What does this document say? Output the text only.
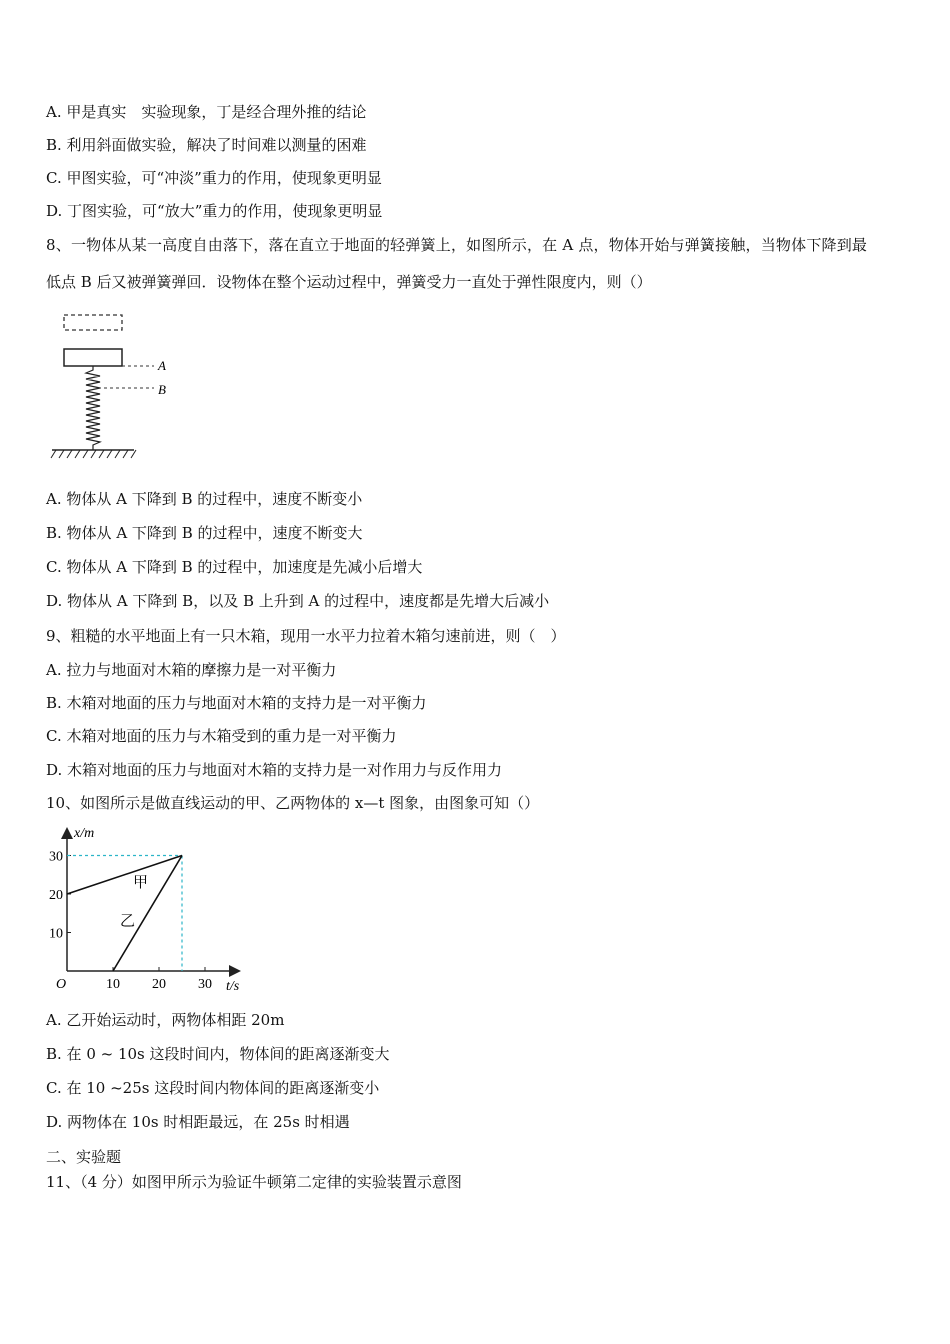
A. 甲是真实　实验现象，丁是经合理外推的结论
B. 利用斜面做实验，解决了时间难以测量的困难
C. 甲图实验，可“冲淡”重力的作用，使现象更明显
D. 丁图实验，可“放大”重力的作用，使现象更明显
8、一物体从某一高度自由落下，落在直立于地面的轻弹簧上，如图所示，在 A 点，物体开始与弹簧接触，当物体下降到最
低点 B 后又被弹簧弹回．设物体在整个运动过程中，弹簧受力一直处于弹性限度内，则（）
A
B
A. 物体从 A 下降到 B 的过程中，速度不断变小
B. 物体从 A 下降到 B 的过程中，速度不断变大
C. 物体从 A 下降到 B 的过程中，加速度是先减小后增大
D. 物体从 A 下降到 B，以及 B 上升到 A 的过程中，速度都是先增大后减小
9、粗糙的水平地面上有一只木箱，现用一水平力拉着木箱匀速前进，则（　）
A. 拉力与地面对木箱的摩擦力是一对平衡力
B. 木箱对地面的压力与地面对木箱的支持力是一对平衡力
C. 木箱对地面的压力与木箱受到的重力是一对平衡力
D. 木箱对地面的压力与地面对木箱的支持力是一对作用力与反作用力
10、如图所示是做直线运动的甲、乙两物体的 x—t 图象，由图象可知（）
x/m
t/s
O	10 20 30
10
20
30
甲
乙
A. 乙开始运动时，两物体相距 20m
B. 在 0 ~ 10s 这段时间内，物体间的距离逐渐变大
C. 在 10 ~25s 这段时间内物体间的距离逐渐变小
D. 两物体在 10s 时相距最远，在 25s 时相遇
二、实验题
11、（4 分）如图甲所示为验证牛顿第二定律的实验装置示意图
